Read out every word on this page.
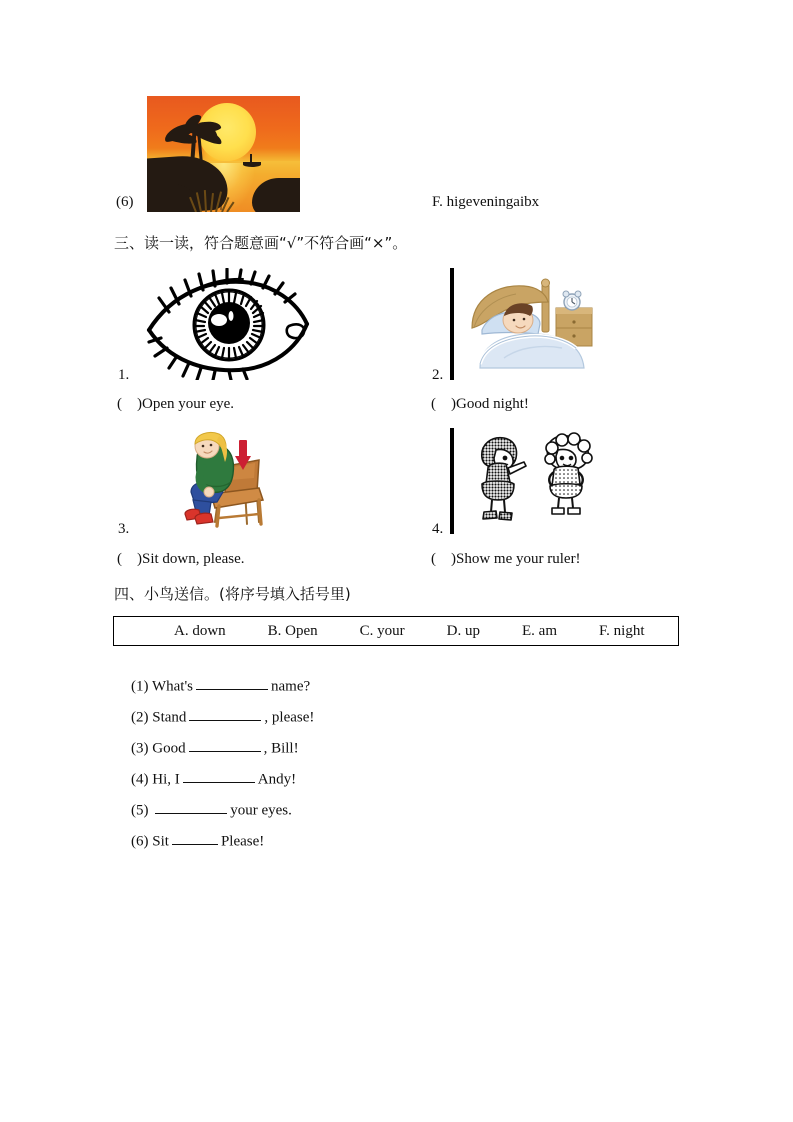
(6)	F. higeveningaibx
三、读一读，符合题意画“√”不符合画“×”。
1.
(    )Open your eye.
2.
(    )Good night!
3.
(    )Sit down, please.
4.
(    )Show me your ruler!
四、小鸟送信。(将序号填入括号里)
A. down	B. Open	C. your	D. up	E. am	F. night

(1) What's	name?

(2) Stand	, please!

(3) Good	, Bill!

(4) Hi, I	Andy!

(5)	your eyes.

(6) Sit	Please!
